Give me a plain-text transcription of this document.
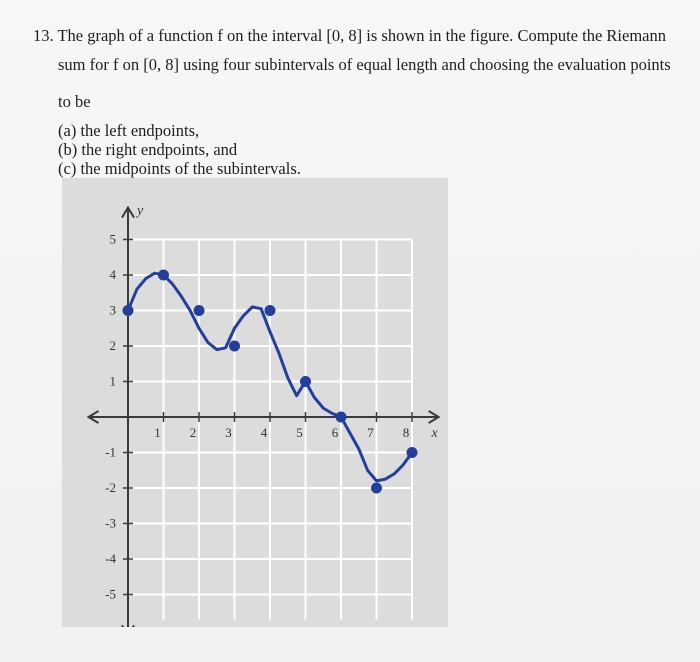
13. The graph of a function f on the interval [0, 8] is shown in the figure. Compute the Riemann
sum for f on [0, 8] using four subintervals of equal length and choosing the evaluation points
to be
(a) the left endpoints,
(b) the right endpoints, and
(c) the midpoints of the subintervals.
1 2 3 4 5 6 7 8
5
4
3
2
1
-1
-2
-3
-4
-5
x
y
